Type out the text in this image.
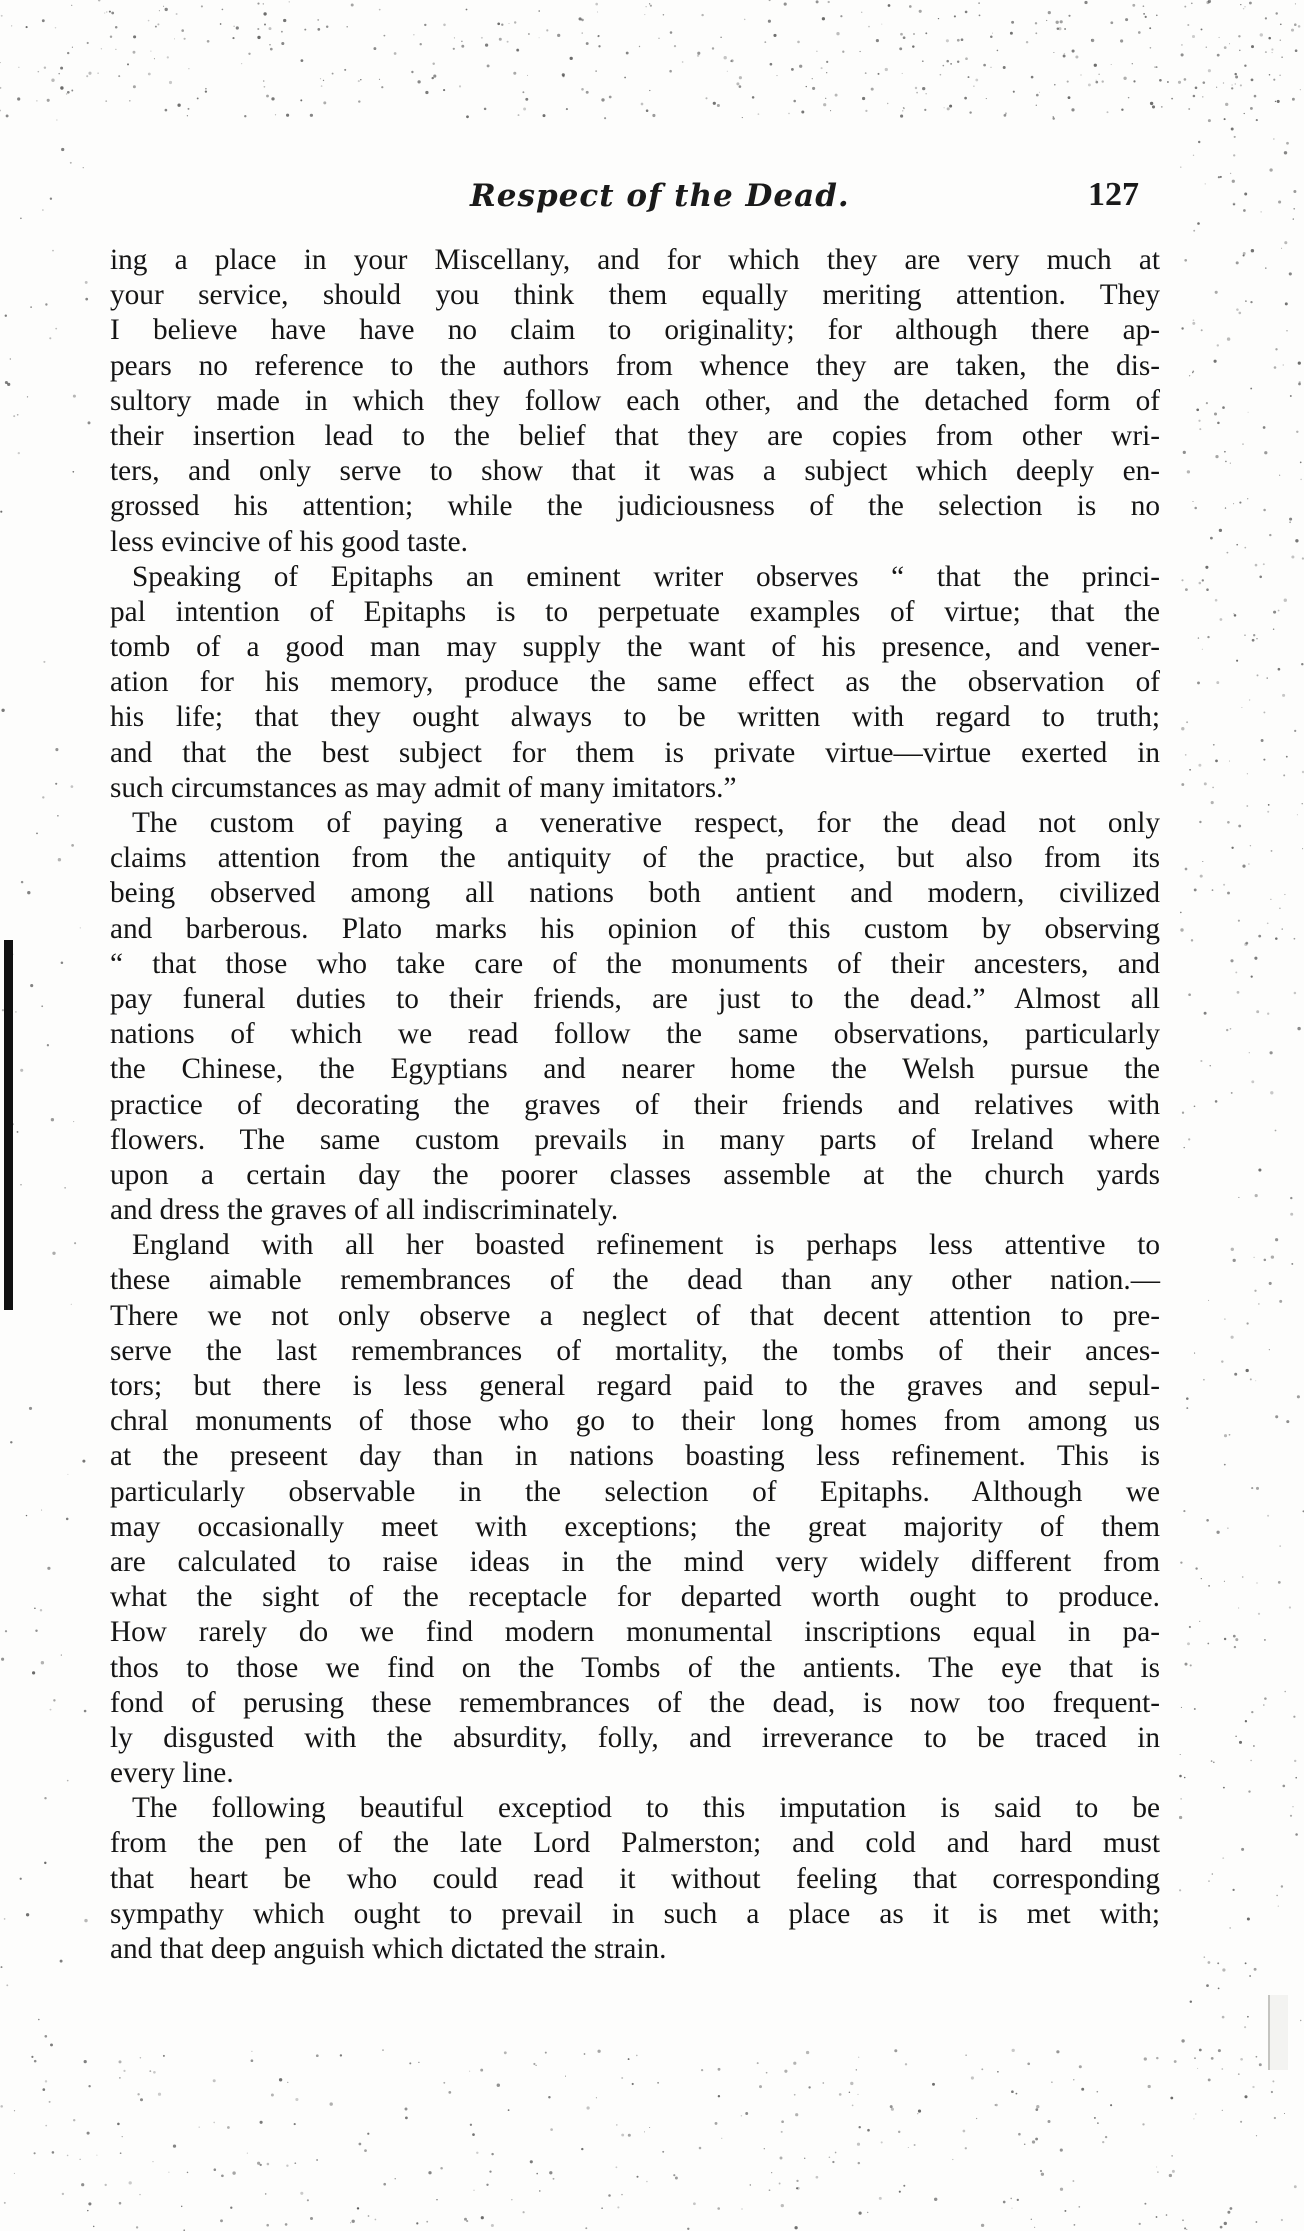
Respect of the Dead.	127
ing a place in your Miscellany, and for which they are very much at
your service, should you think them equally meriting attention. They
I believe have have no claim to originality; for although there ap-
pears no reference to the authors from whence they are taken, the dis-
sultory made in which they follow each other, and the detached form of
their insertion lead to the belief that they are copies from other wri-
ters, and only serve to show that it was a subject which deeply en-
grossed his attention; while the judiciousness of the selection is no
less evincive of his good taste.
Speaking of Epitaphs an eminent writer observes “ that the princi-
pal intention of Epitaphs is to perpetuate examples of virtue; that the
tomb of a good man may supply the want of his presence, and vener-
ation for his memory, produce the same effect as the observation of
his life; that they ought always to be written with regard to truth;
and that the best subject for them is private virtue—virtue exerted in
such circumstances as may admit of many imitators.”
The custom of paying a venerative respect, for the dead not only
claims attention from the antiquity of the practice, but also from its
being observed among all nations both antient and modern, civilized
and barberous. Plato marks his opinion of this custom by observing
“ that those who take care of the monuments of their ancesters, and
pay funeral duties to their friends, are just to the dead.” Almost all
nations of which we read follow the same observations, particularly
the Chinese, the Egyptians and nearer home the Welsh pursue the
practice of decorating the graves of their friends and relatives with
flowers. The same custom prevails in many parts of Ireland where
upon a certain day the poorer classes assemble at the church yards
and dress the graves of all indiscriminately.
England with all her boasted refinement is perhaps less attentive to
these aimable remembrances of the dead than any other nation.—
There we not only observe a neglect of that decent attention to pre-
serve the last remembrances of mortality, the tombs of their ances-
tors; but there is less general regard paid to the graves and sepul-
chral monuments of those who go to their long homes from among us
at the preseent day than in nations boasting less refinement. This is
particularly observable in the selection of Epitaphs. Although we
may occasionally meet with exceptions; the great majority of them
are calculated to raise ideas in the mind very widely different from
what the sight of the receptacle for departed worth ought to produce.
How rarely do we find modern monumental inscriptions equal in pa-
thos to those we find on the Tombs of the antients. The eye that is
fond of perusing these remembrances of the dead, is now too frequent-
ly disgusted with the absurdity, folly, and irreverance to be traced in
every line.
The following beautiful exceptiod to this imputation is said to be
from the pen of the late Lord Palmerston; and cold and hard must
that heart be who could read it without feeling that corresponding
sympathy which ought to prevail in such a place as it is met with;
and that deep anguish which dictated the strain.
